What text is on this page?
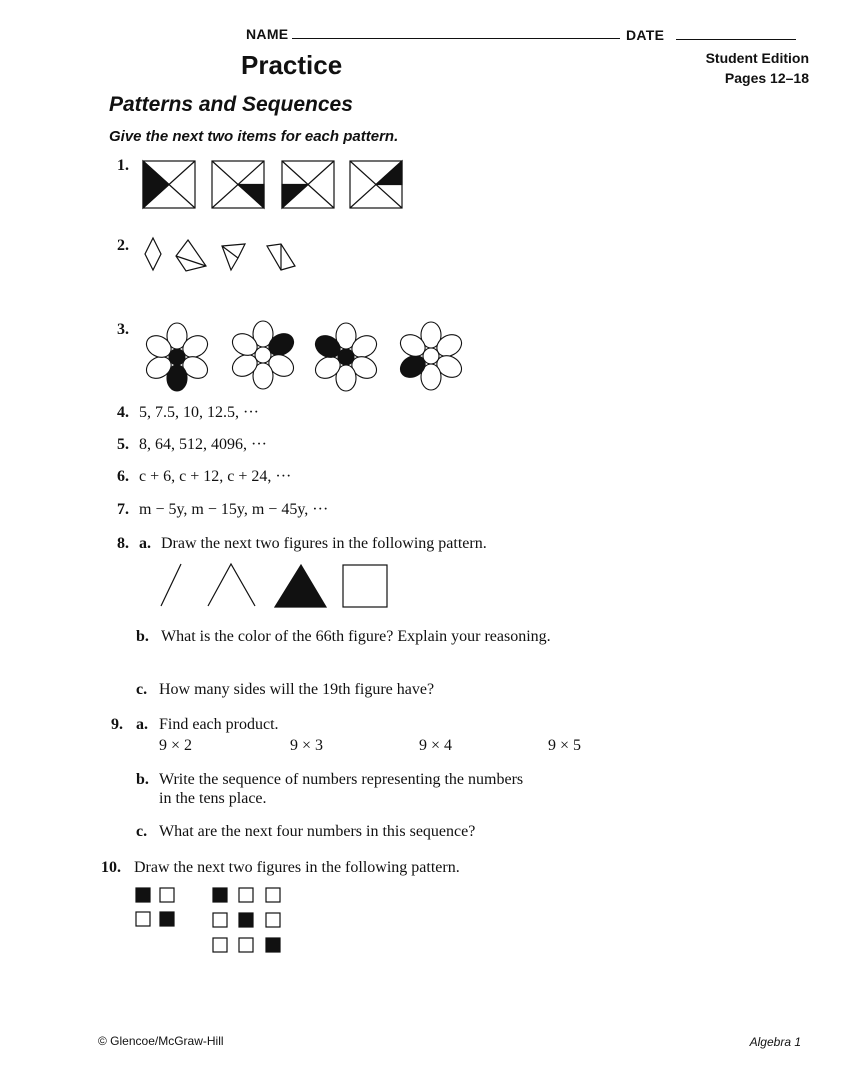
NAME	DATE
Practice	Student Edition
Pages 12–18
Patterns and Sequences
Give the next two items for each pattern.
1.
2.
3.
4. 5, 7.5, 10, 12.5, ···
5. 8, 64, 512, 4096, ···
6. c + 6, c + 12, c + 24, ···
7. m − 5y, m − 15y, m − 45y, ···
8. a. Draw the next two figures in the following pattern.
b. What is the color of the 66th figure? Explain your reasoning.
c. How many sides will the 19th figure have?
9. a. Find each product.
9 × 2	9 × 3	9 × 4	9 × 5
b. Write the sequence of numbers representing the numbers
in the tens place.
c. What are the next four numbers in this sequence?
10. Draw the next two figures in the following pattern.
© Glencoe/McGraw-Hill	Algebra 1
